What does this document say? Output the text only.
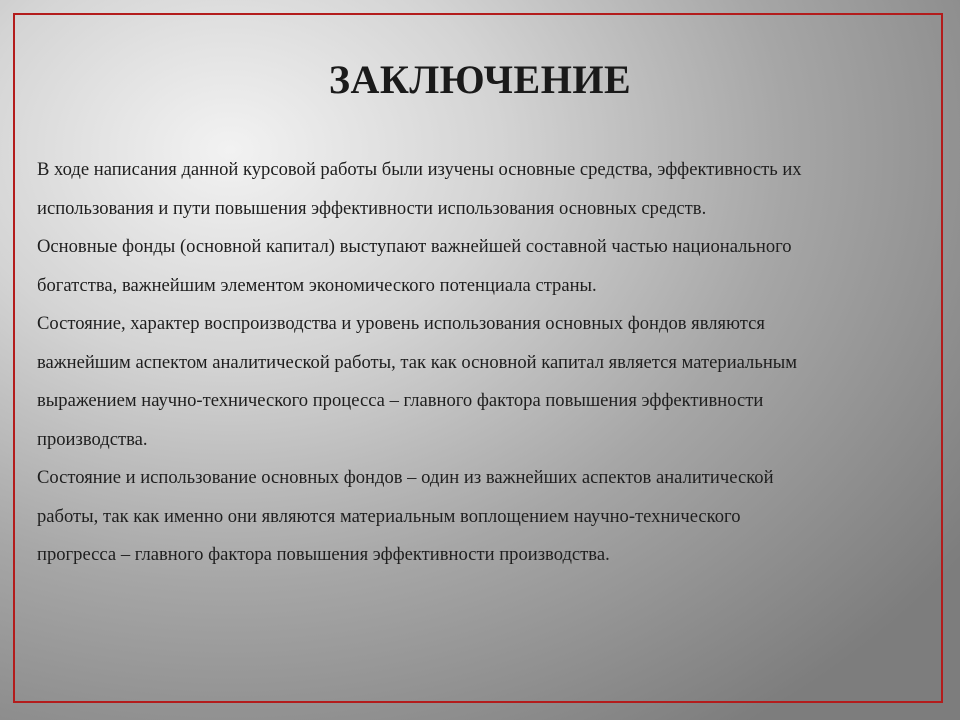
ЗАКЛЮЧЕНИЕ

В ходе написания данной курсовой работы были изучены основные средства, эффективность их
использования и пути повышения эффективности использования основных средств.

Основные фонды (основной капитал) выступают важнейшей составной частью национального
богатства, важнейшим элементом экономического потенциала страны.

Состояние, характер воспроизводства и уровень использования основных фондов являются
важнейшим аспектом аналитической работы, так как основной капитал является материальным
выражением научно-технического процесса – главного фактора повышения эффективности
производства.

Состояние и использование основных фондов – один из важнейших аспектов аналитической
работы, так как именно они являются материальным воплощением научно-технического
прогресса – главного фактора повышения эффективности производства.
